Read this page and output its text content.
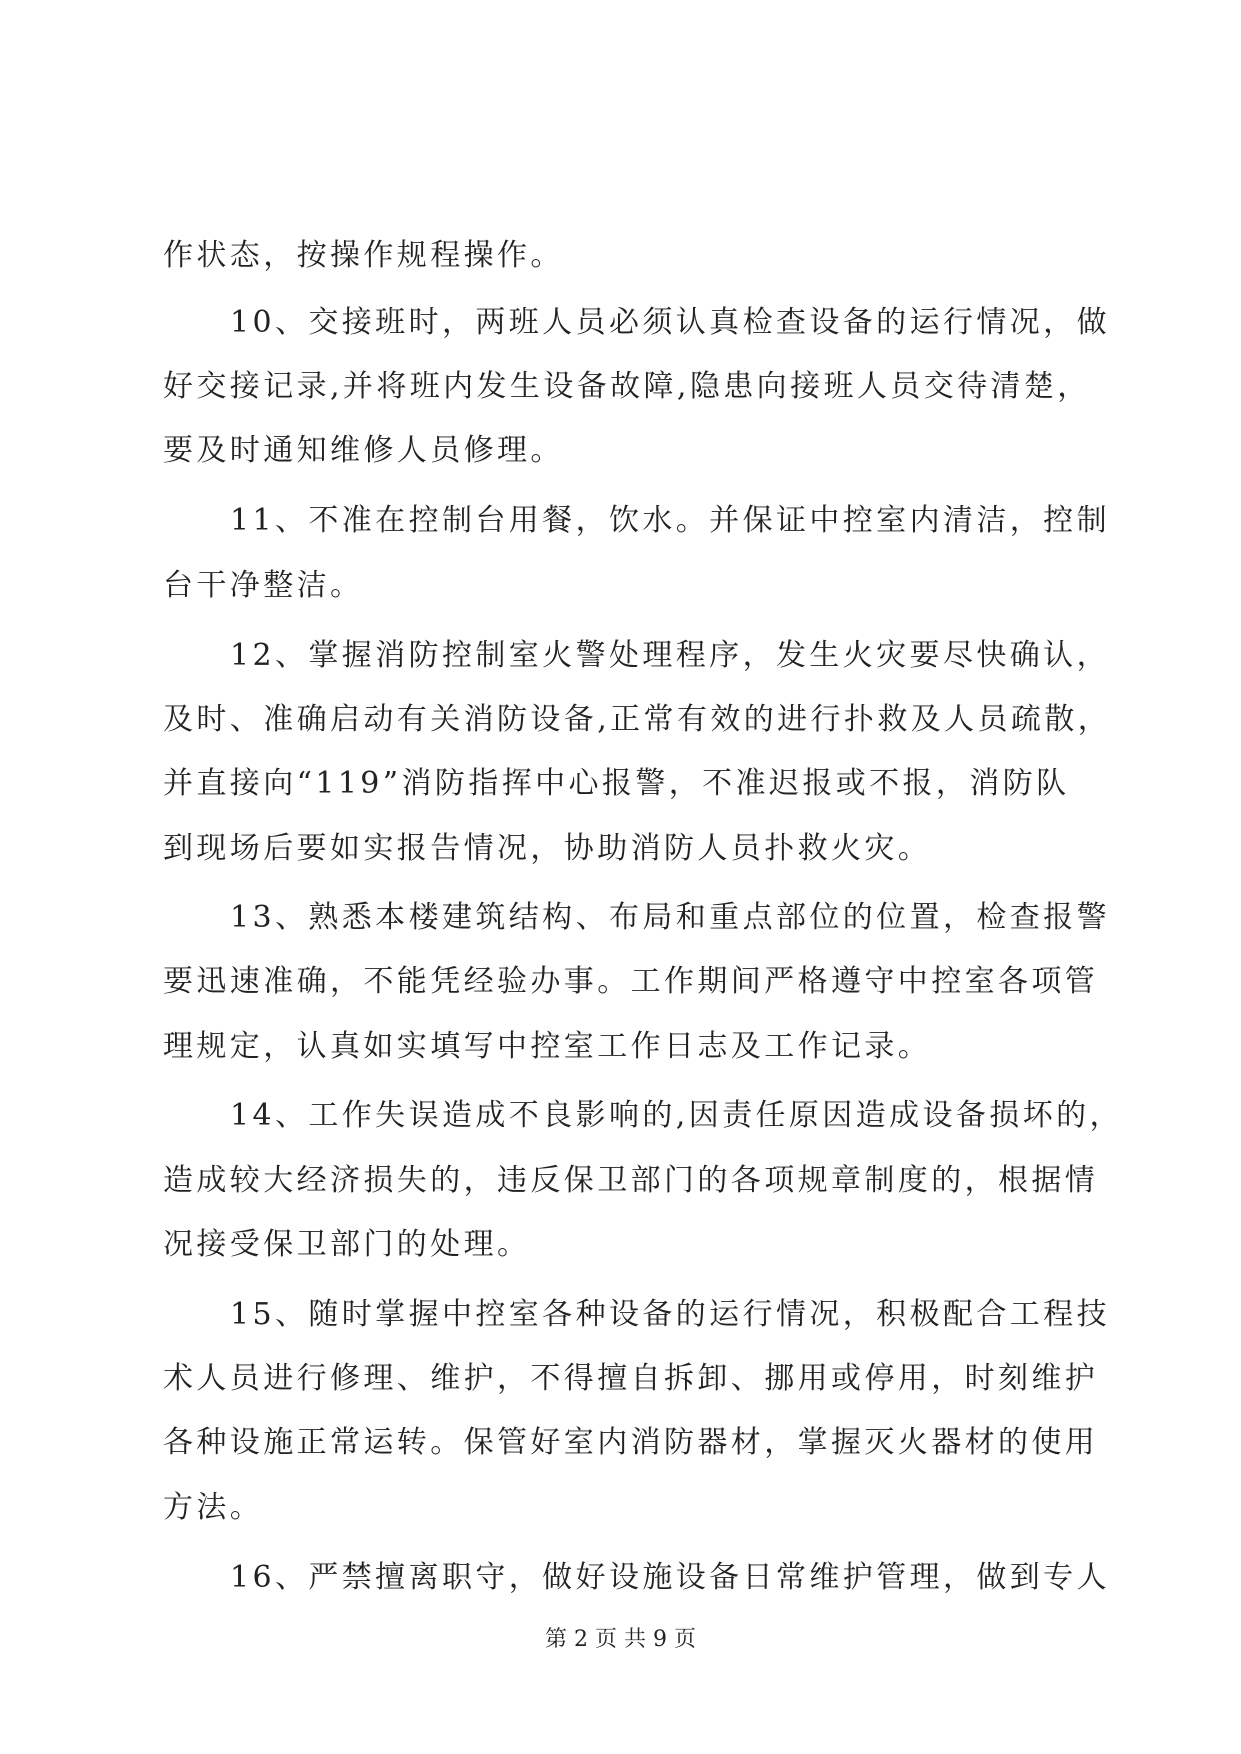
作状态，按操作规程操作。
10、交接班时，两班人员必须认真检查设备的运行情况，做
好交接记录,并将班内发生设备故障,隐患向接班人员交待清楚，
要及时通知维修人员修理。
11、不准在控制台用餐，饮水。并保证中控室内清洁，控制
台干净整洁。
12、掌握消防控制室火警处理程序，发生火灾要尽快确认，
及时、准确启动有关消防设备,正常有效的进行扑救及人员疏散，
并直接向“119”消防指挥中心报警，不准迟报或不报，消防队
到现场后要如实报告情况，协助消防人员扑救火灾。
13、熟悉本楼建筑结构、布局和重点部位的位置，检查报警
要迅速准确，不能凭经验办事。工作期间严格遵守中控室各项管
理规定，认真如实填写中控室工作日志及工作记录。
14、工作失误造成不良影响的,因责任原因造成设备损坏的，
造成较大经济损失的，违反保卫部门的各项规章制度的，根据情
况接受保卫部门的处理。
15、随时掌握中控室各种设备的运行情况，积极配合工程技
术人员进行修理、维护，不得擅自拆卸、挪用或停用，时刻维护
各种设施正常运转。保管好室内消防器材，掌握灭火器材的使用
方法。
16、严禁擅离职守，做好设施设备日常维护管理，做到专人
第 2 页 共 9 页
